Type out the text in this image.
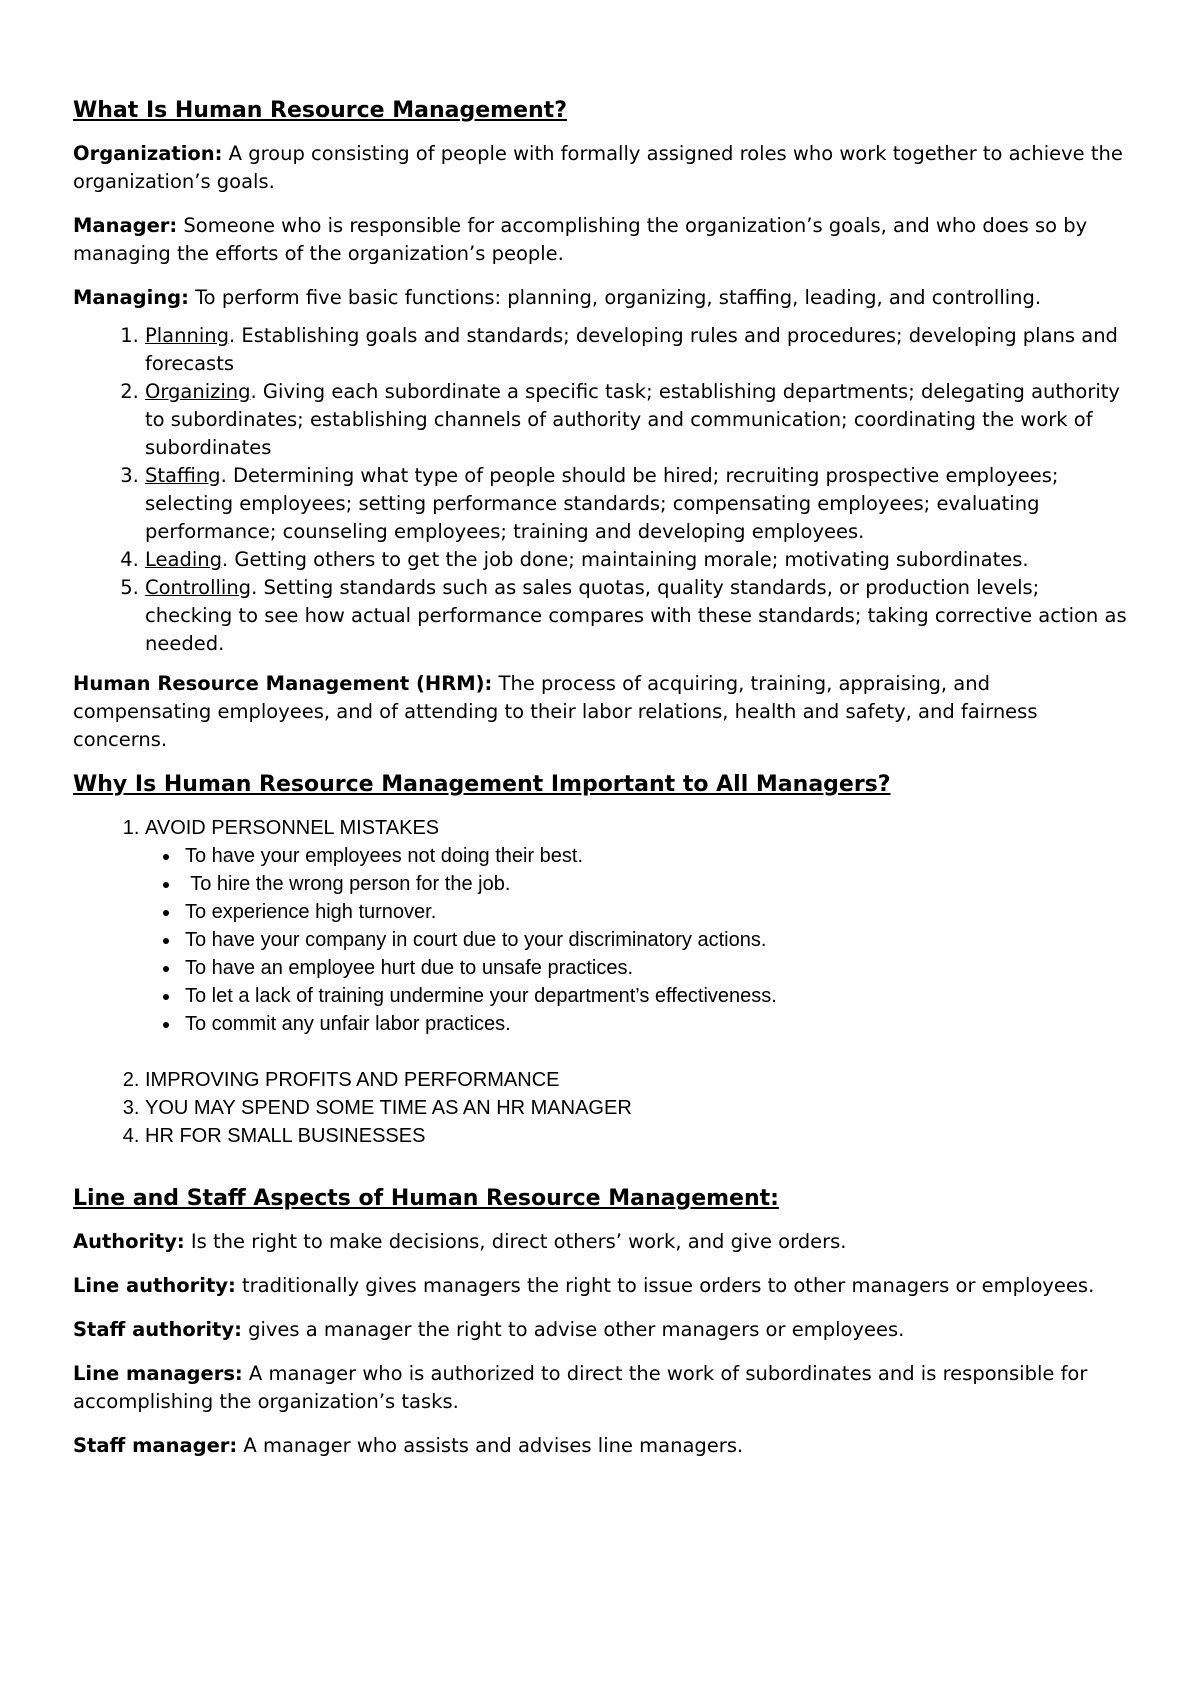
What Is Human Resource Management?

Organization: A group consisting of people with formally assigned roles who work together to achieve the organization’s goals.

Manager: Someone who is responsible for accomplishing the organization’s goals, and who does so by managing the efforts of the organization’s people.

Managing: To perform five basic functions: planning, organizing, staffing, leading, and controlling.

1. Planning. Establishing goals and standards; developing rules and procedures; developing plans and forecasts
2. Organizing. Giving each subordinate a specific task; establishing departments; delegating authority to subordinates; establishing channels of authority and communication; coordinating the work of subordinates
3. Staffing. Determining what type of people should be hired; recruiting prospective employees; selecting employees; setting performance standards; compensating employees; evaluating performance; counseling employees; training and developing employees.
4. Leading. Getting others to get the job done; maintaining morale; motivating subordinates.
5. Controlling. Setting standards such as sales quotas, quality standards, or production levels; checking to see how actual performance compares with these standards; taking corrective action as needed.

Human Resource Management (HRM): The process of acquiring, training, appraising, and compensating employees, and of attending to their labor relations, health and safety, and fairness concerns.

Why Is Human Resource Management Important to All Managers?
1. AVOID PERSONNEL MISTAKES
• To have your employees not doing their best.
•  To hire the wrong person for the job.
• To experience high turnover.
• To have your company in court due to your discriminatory actions.
• To have an employee hurt due to unsafe practices.
• To let a lack of training undermine your department’s effectiveness.
• To commit any unfair labor practices.
2. IMPROVING PROFITS AND PERFORMANCE
3. YOU MAY SPEND SOME TIME AS AN HR MANAGER
4. HR FOR SMALL BUSINESSES
Line and Staff Aspects of Human Resource Management:

Authority: Is the right to make decisions, direct others’ work, and give orders.

Line authority: traditionally gives managers the right to issue orders to other managers or employees.

Staff authority: gives a manager the right to advise other managers or employees.

Line managers: A manager who is authorized to direct the work of subordinates and is responsible for accomplishing the organization’s tasks.

Staff manager: A manager who assists and advises line managers.
